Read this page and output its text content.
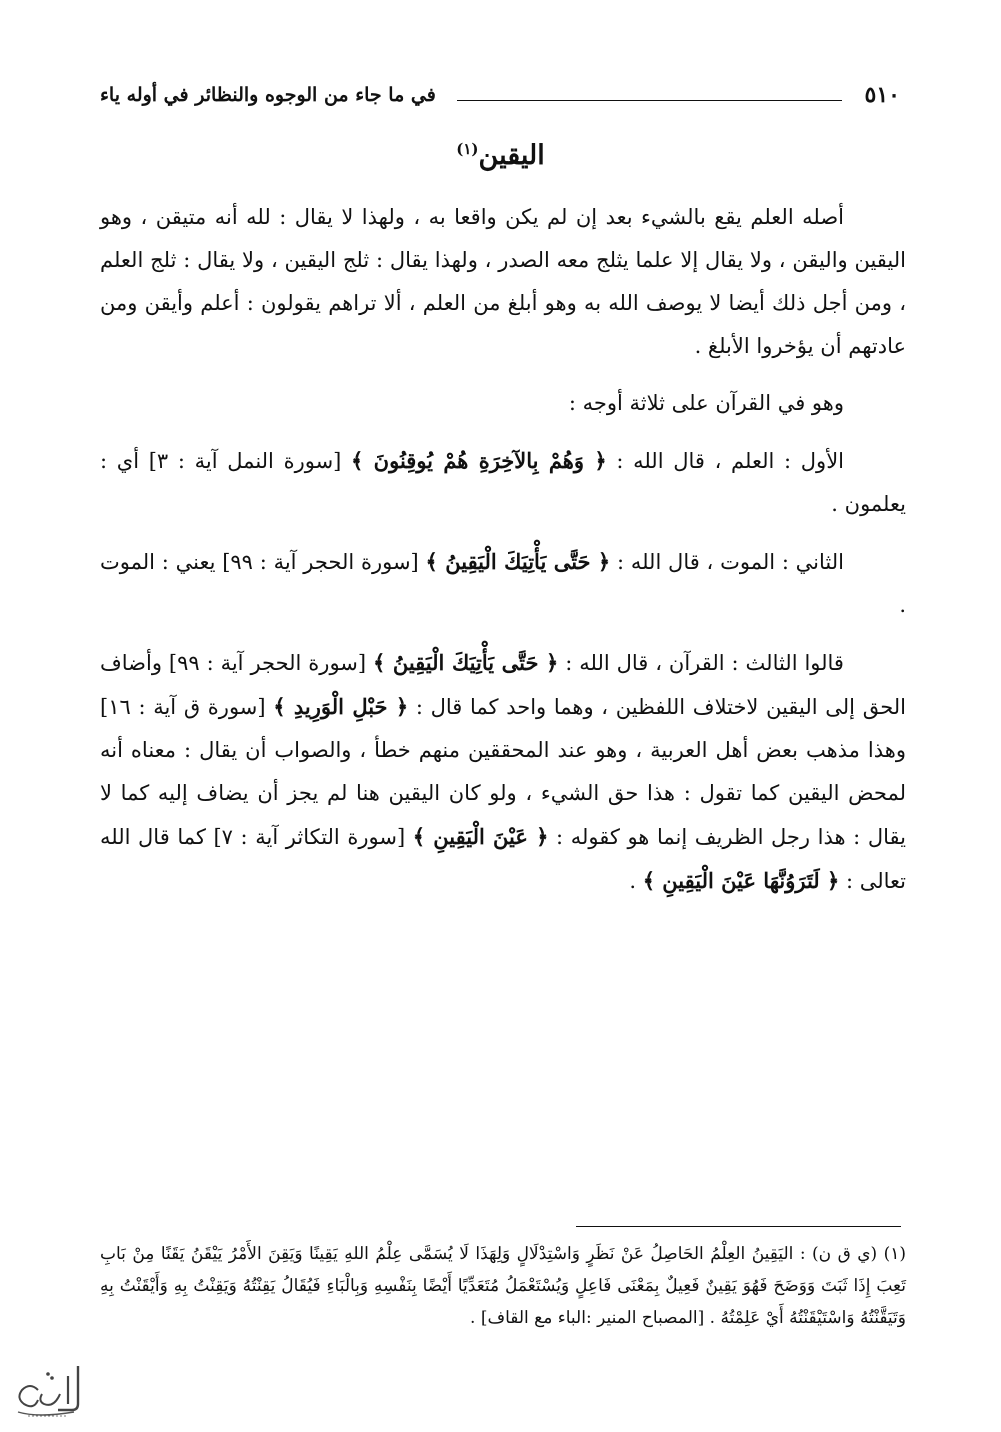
٥١٠
في ما جاء من الوجوه والنظائر في أوله ياء
اليقين$^{(١)}$

أصله العلم يقع بالشيء بعد إن لم يكن واقعا به ، ولهذا لا يقال : لله أنه متيقن ، وهو اليقين واليقن ، ولا يقال إلا علما يثلج معه الصدر ، ولهذا يقال : ثلج اليقين ، ولا يقال : ثلج العلم ، ومن أجل ذلك أيضا لا يوصف الله به وهو أبلغ من العلم ، ألا تراهم يقولون : أعلم وأيقن ومن عادتهم أن يؤخروا الأبلغ .

وهو في القرآن على ثلاثة أوجه :

الأول : العلم ، قال الله : ﴿ وَهُمْ بِالآخِرَةِ هُمْ يُوقِنُونَ ﴾ [سورة النمل آية : ٣] أي : يعلمون .

الثاني : الموت ، قال الله : ﴿ حَتَّى يَأْتِيَكَ الْيَقِينُ ﴾ [سورة الحجر آية : ٩٩] يعني : الموت .

قالوا الثالث : القرآن ، قال الله : ﴿ حَتَّى يَأْتِيَكَ الْيَقِينُ ﴾ [سورة الحجر آية : ٩٩] وأضاف الحق إلى اليقين لاختلاف اللفظين ، وهما واحد كما قال : ﴿ حَبْلِ الْوَرِيدِ ﴾ [سورة ق آية : ١٦] وهذا مذهب بعض أهل العربية ، وهو عند المحققين منهم خطأ ، والصواب أن يقال : معناه أنه لمحض اليقين كما تقول : هذا حق الشيء ، ولو كان اليقين هنا لم يجز أن يضاف إليه كما لا يقال : هذا رجل الظريف إنما هو كقوله : ﴿ عَيْنَ الْيَقِينِ ﴾ [سورة التكاثر آية : ٧] كما قال الله تعالى : ﴿ لَتَرَوُنَّهَا عَيْنَ الْيَقِينِ ﴾ .

(١) (ي ق ن) : اليَقِينُ العِلْمُ الحَاصِلُ عَنْ نَظَرٍ وَاسْتِدْلَالٍ وَلِهَذَا لَا يُسَمَّى عِلْمُ اللهِ يَقِينًا وَيَقِنَ الأَمْرُ يَيْقَنُ يَقَنًا مِنْ بَابِ تَعِبَ إِذَا ثَبَتَ وَوَضَحَ فَهُوَ يَقِينٌ فَعِيلٌ بِمَعْنَى فَاعِلٍ وَيُسْتَعْمَلُ مُتَعَدِّيًا أَيْضًا بِنَفْسِهِ وَبِالْبَاءِ فَيُقَالُ يَقِنْتُهُ وَيَقِنْتُ بِهِ وَأَيْقَنْتُ بِهِ وَتَيَقَّنْتُهُ وَاسْتَيْقَنْتُهُ أَيْ عَلِمْتُهُ . [المصباح المنير :الباء مع القاف] .
